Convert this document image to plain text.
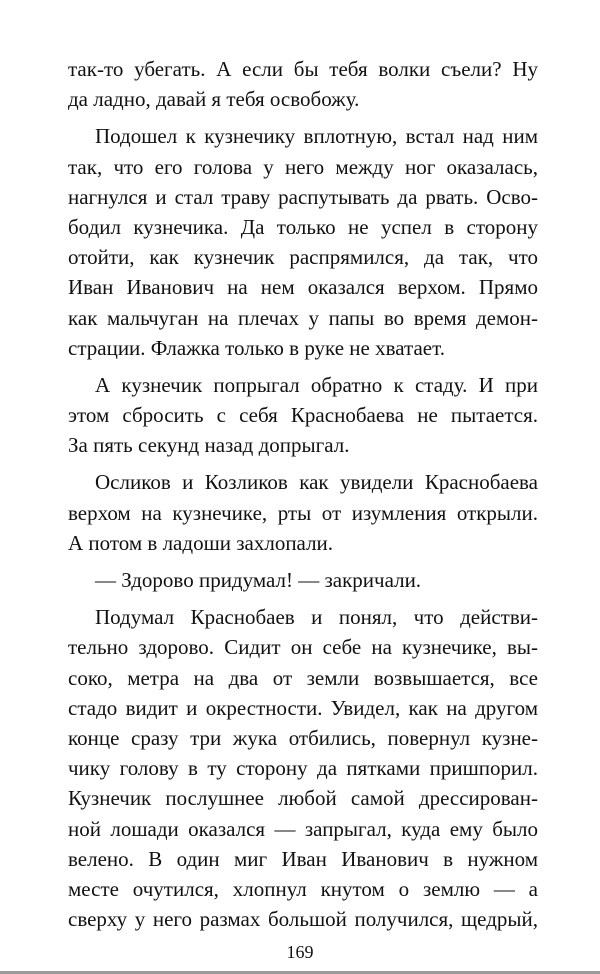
так-то убегать. А если бы тебя волки съели? Ну
да ладно, давай я тебя освобожу.
Подошел к кузнечику вплотную, встал над ним
так, что его голова у него между ног оказалась,
нагнулся и стал траву распутывать да рвать. Осво-
бодил кузнечика. Да только не успел в сторону
отойти, как кузнечик распрямился, да так, что
Иван Иванович на нем оказался верхом. Прямо
как мальчуган на плечах у папы во время демон-
страции. Флажка только в руке не хватает.
А кузнечик попрыгал обратно к стаду. И при
этом сбросить с себя Краснобаева не пытается.
За пять секунд назад допрыгал.
Осликов и Козликов как увидели Краснобаева
верхом на кузнечике, рты от изумления открыли.
А потом в ладоши захлопали.
— Здорово придумал! — закричали.
Подумал Краснобаев и понял, что действи-
тельно здорово. Сидит он себе на кузнечике, вы-
соко, метра на два от земли возвышается, все
стадо видит и окрестности. Увидел, как на другом
конце сразу три жука отбились, повернул кузне-
чику голову в ту сторону да пятками пришпорил.
Кузнечик послушнее любой самой дрессирован-
ной лошади оказался — запрыгал, куда ему было
велено. В один миг Иван Иванович в нужном
месте очутился, хлопнул кнутом о землю — а
сверху у него размах большой получился, щедрый,
169
